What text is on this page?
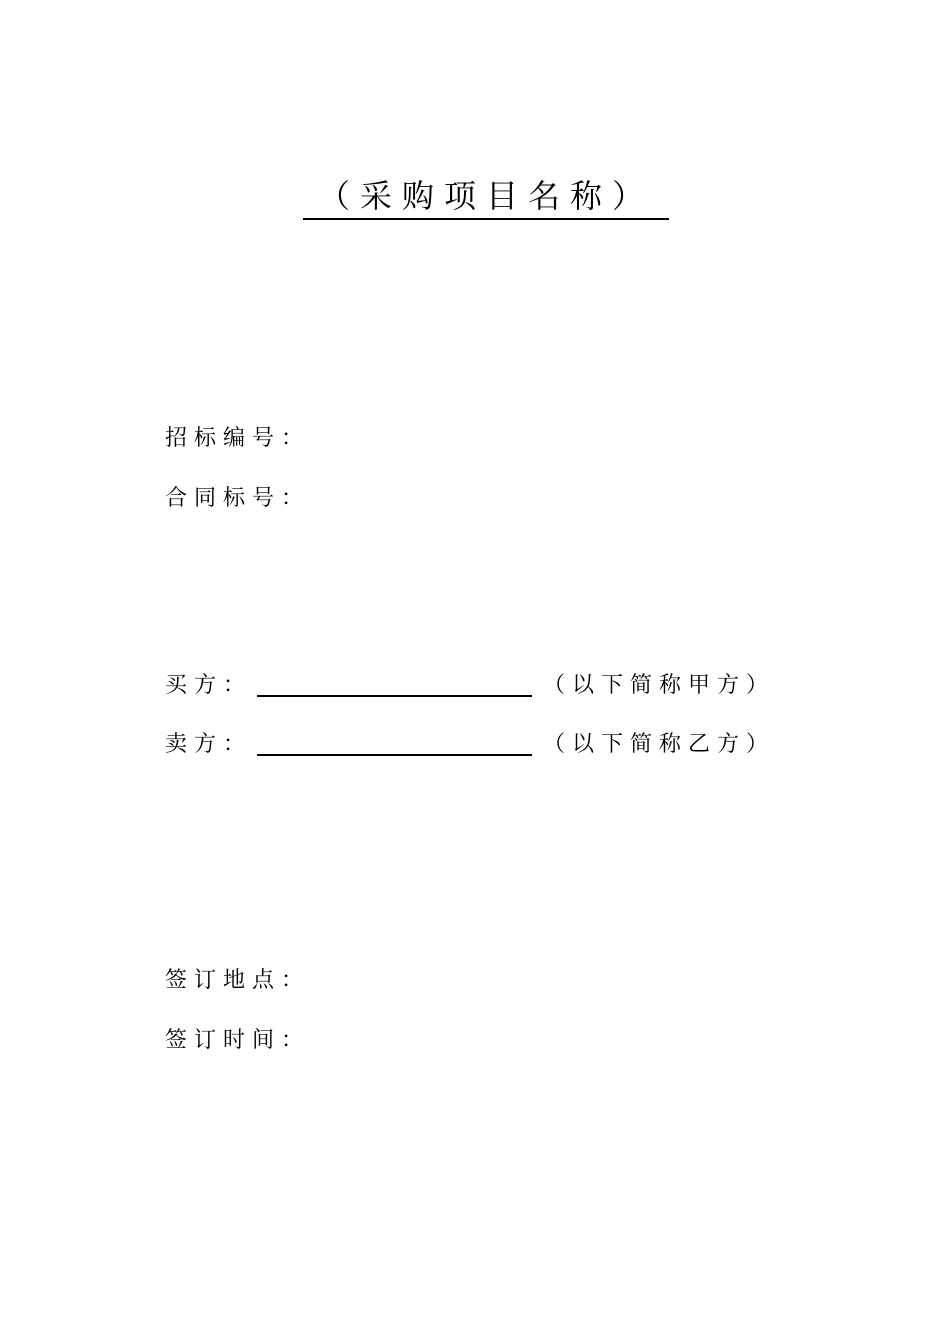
（采购项目名称）
招标编号：
合同标号：
买方：	（以下简称甲方）
卖方：	（以下简称乙方）
签订地点：
签订时间：
